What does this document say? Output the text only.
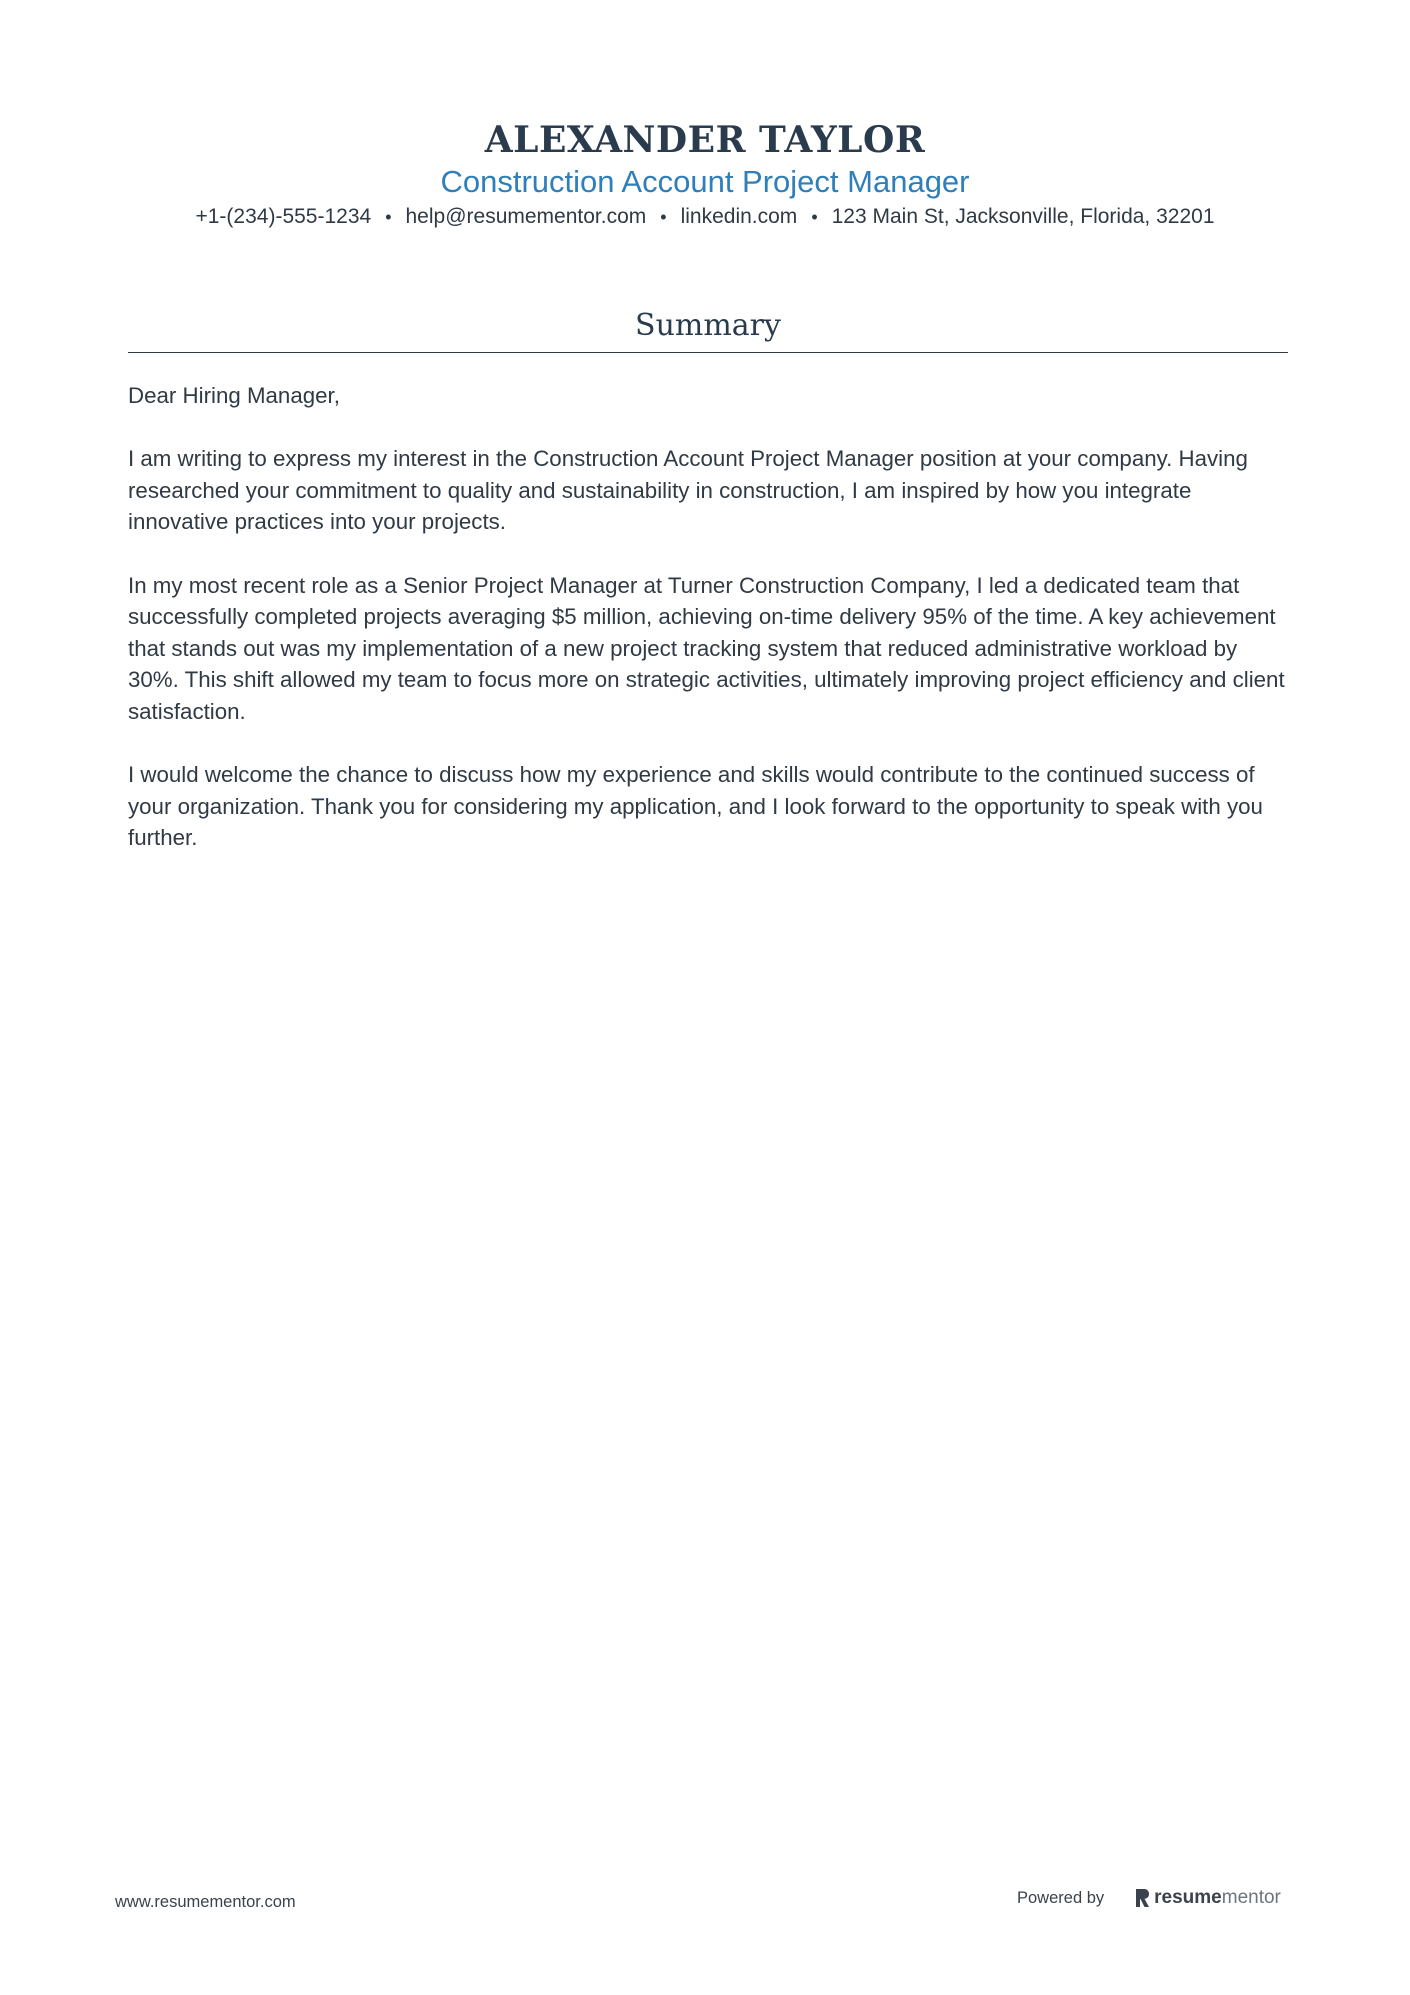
ALEXANDER TAYLOR
Construction Account Project Manager
+1-(234)-555-1234 • help@resumementor.com • linkedin.com • 123 Main St, Jacksonville, Florida, 32201
Summary

Dear Hiring Manager,

I am writing to express my interest in the Construction Account Project Manager position at your company. Having researched your commitment to quality and sustainability in construction, I am inspired by how you integrate innovative practices into your projects.

In my most recent role as a Senior Project Manager at Turner Construction Company, I led a dedicated team that successfully completed projects averaging $5 million, achieving on-time delivery 95% of the time. A key achievement that stands out was my implementation of a new project tracking system that reduced administrative workload by 30%. This shift allowed my team to focus more on strategic activities, ultimately improving project efficiency and client satisfaction.

I would welcome the chance to discuss how my experience and skills would contribute to the continued success of your organization. Thank you for considering my application, and I look forward to the opportunity to speak with you further.

www.resumementor.com	Powered by	resume mentor
